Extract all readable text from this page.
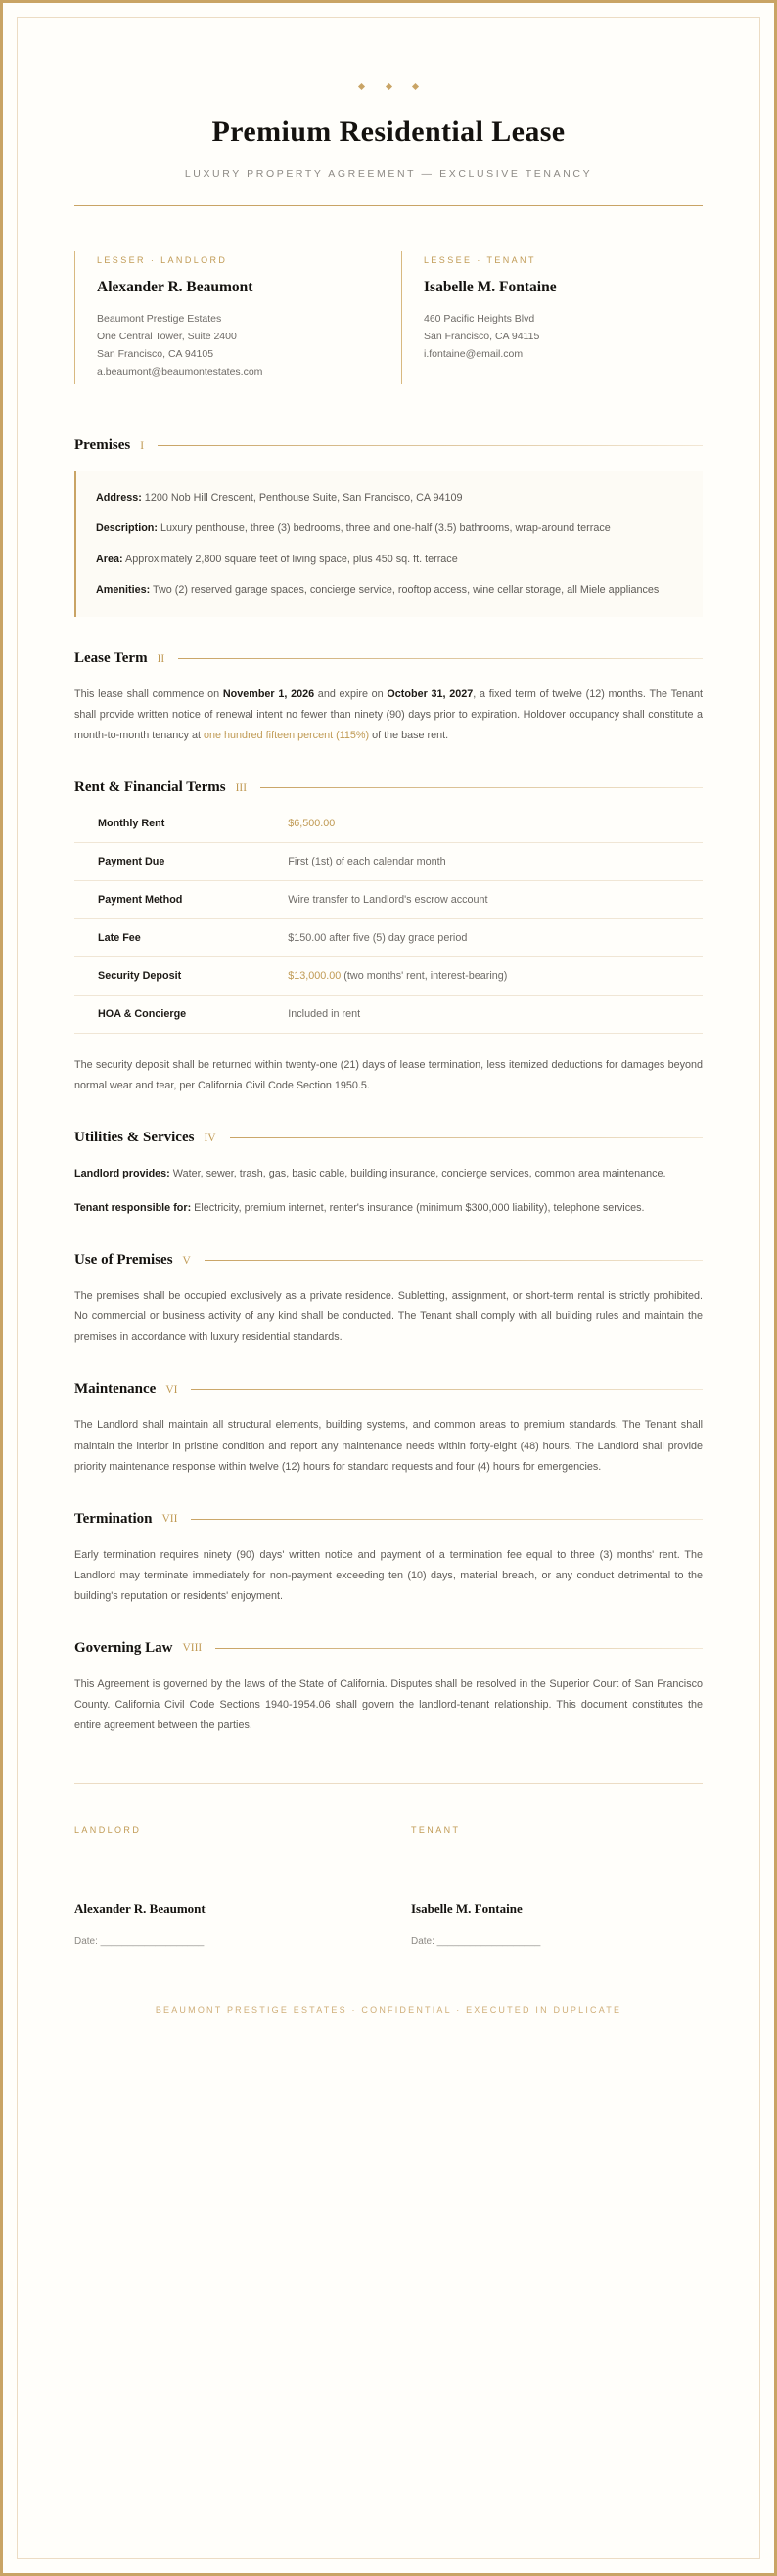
Premium Residential Lease
LUXURY PROPERTY AGREEMENT — EXCLUSIVE TENANCY
LESSER · LANDLORD
Alexander R. Beaumont
Beaumont Prestige Estates
One Central Tower, Suite 2400
San Francisco, CA 94105
a.beaumont@beaumontestates.com
LESSEE · TENANT
Isabelle M. Fontaine
460 Pacific Heights Blvd
San Francisco, CA 94115
i.fontaine@email.com
Premises I
Address: 1200 Nob Hill Crescent, Penthouse Suite, San Francisco, CA 94109
Description: Luxury penthouse, three (3) bedrooms, three and one-half (3.5) bathrooms, wrap-around terrace
Area: Approximately 2,800 square feet of living space, plus 450 sq. ft. terrace
Amenities: Two (2) reserved garage spaces, concierge service, rooftop access, wine cellar storage, all Miele appliances
Lease Term II

This lease shall commence on November 1, 2026 and expire on October 31, 2027, a fixed term of twelve (12) months. The Tenant shall provide written notice of renewal intent no fewer than ninety (90) days prior to expiration. Holdover occupancy shall constitute a month-to-month tenancy at one hundred fifteen percent (115%) of the base rent.

Rent & Financial Terms III
Monthly Rent	$6,500.00
Payment Due	First (1st) of each calendar month
Payment Method	Wire transfer to Landlord's escrow account
Late Fee	$150.00 after five (5) day grace period
Security Deposit	$13,000.00 (two months' rent, interest-bearing)
HOA & Concierge	Included in rent

The security deposit shall be returned within twenty-one (21) days of lease termination, less itemized deductions for damages beyond normal wear and tear, per California Civil Code Section 1950.5.

Utilities & Services IV

Landlord provides: Water, sewer, trash, gas, basic cable, building insurance, concierge services, common area maintenance.

Tenant responsible for: Electricity, premium internet, renter's insurance (minimum $300,000 liability), telephone services.

Use of Premises V

The premises shall be occupied exclusively as a private residence. Subletting, assignment, or short-term rental is strictly prohibited. No commercial or business activity of any kind shall be conducted. The Tenant shall comply with all building rules and maintain the premises in accordance with luxury residential standards.

Maintenance VI

The Landlord shall maintain all structural elements, building systems, and common areas to premium standards. The Tenant shall maintain the interior in pristine condition and report any maintenance needs within forty-eight (48) hours. The Landlord shall provide priority maintenance response within twelve (12) hours for standard requests and four (4) hours for emergencies.

Termination VII

Early termination requires ninety (90) days' written notice and payment of a termination fee equal to three (3) months' rent. The Landlord may terminate immediately for non-payment exceeding ten (10) days, material breach, or any conduct detrimental to the building's reputation or residents' enjoyment.

Governing Law VIII

This Agreement is governed by the laws of the State of California. Disputes shall be resolved in the Superior Court of San Francisco County. California Civil Code Sections 1940-1954.06 shall govern the landlord-tenant relationship. This document constitutes the entire agreement between the parties.

LANDLORD
Alexander R. Beaumont
Date: ___________________
TENANT
Isabelle M. Fontaine
Date: ___________________
BEAUMONT PRESTIGE ESTATES · CONFIDENTIAL · EXECUTED IN DUPLICATE
